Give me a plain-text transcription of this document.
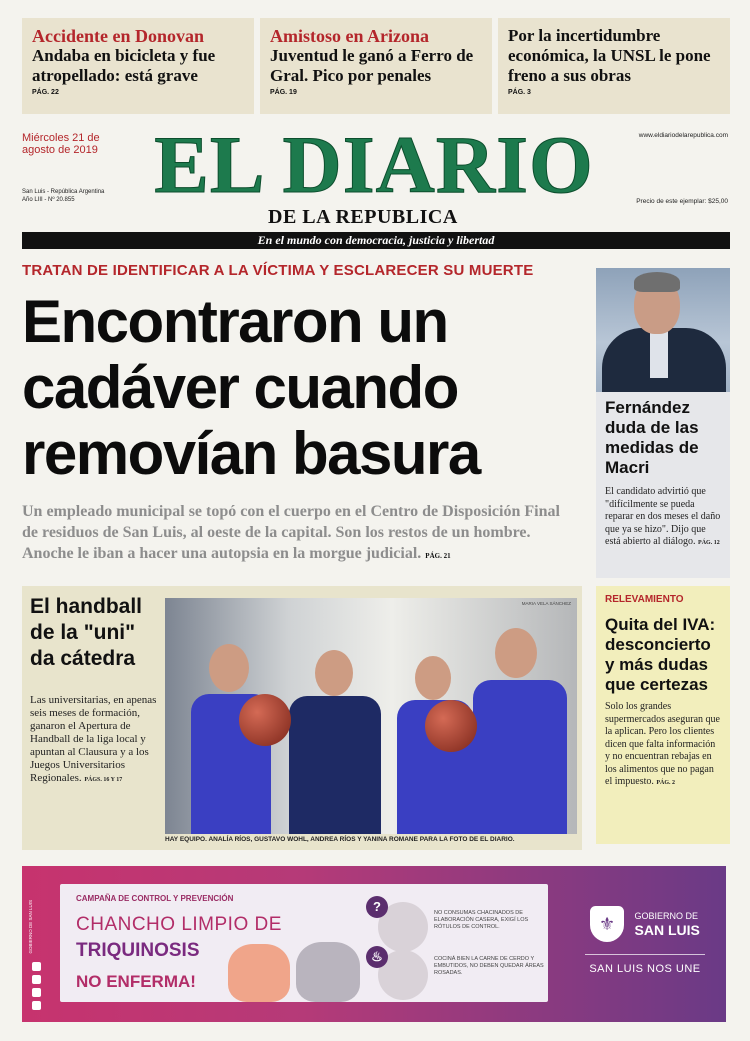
Accidente en Donovan
Andaba en bicicleta y fue atropellado: está grave
PÁG. 22
Amistoso en Arizona
Juventud le ganó a Ferro de Gral. Pico por penales
PÁG. 19
Por la incertidumbre económica, la UNSL le pone freno a sus obras
PÁG. 3
Miércoles 21 de agosto de 2019
San Luis - República Argentina
Año LIII - Nº 20.855 EL DIARIO
DE LA REPUBLICA
www.eldiariodelarepublica.com
Precio de este ejemplar: $25,00
En el mundo con democracia, justicia y libertad
TRATAN DE IDENTIFICAR A LA VÍCTIMA Y ESCLARECER SU MUERTE
Encontraron un
cadáver cuando
removían basura
Un empleado municipal se topó con el cuerpo en el Centro de Disposición Final de residuos de San Luis, al oeste de la capital. Son los restos de un hombre. Anoche le iban a hacer una autopsia en la morgue judicial. PÁG. 21
Fernández duda de las medidas de Macri
El candidato advirtió que "difícilmente se pueda reparar en dos meses el daño que ya se hizo". Dijo que está abierto al diálogo. PÁG. 12
RELEVAMIENTO
Quita del IVA: desconcierto y más dudas que certezas
Solo los grandes supermercados aseguran que la aplican. Pero los clientes dicen que falta información y no encuentran rebajas en los alimentos que no pagan el impuesto. PÁG. 2
El handball de la "uni" da cátedra
Las universitarias, en apenas seis meses de formación, ganaron el Apertura de Handball de la liga local y apuntan al Clausura y a los Juegos Universitarios Regionales. PÁGS. 16 Y 17
MARIA VELA SÁNCHEZ
HAY EQUIPO. ANALÍA RÍOS, GUSTAVO WOHL, ANDREA RÍOS Y YANINA ROMANE PARA LA FOTO DE EL DIARIO.
GOBIERNO DE SAN LUIS
CAMPAÑA DE CONTROL Y PREVENCIÓN
CHANCHO LIMPIO DE
TRIQUINOSIS
NO ENFERMA!
?
♨
NO CONSUMAS CHACINADOS DE ELABORACIÓN CASERA, EXIGÍ LOS RÓTULOS DE CONTROL.
COCINÁ BIEN LA CARNE DE CERDO Y EMBUTIDOS, NO DEBEN QUEDAR ÁREAS ROSADAS.
⚜ GOBIERNO DE
SAN LUIS
SAN LUIS NOS UNE
